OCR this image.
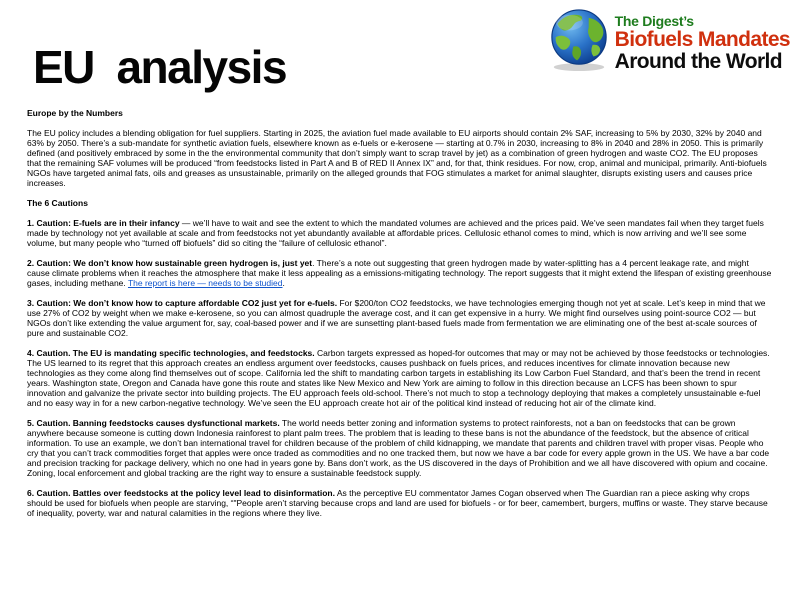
EU  analysis
The Digest’s
Biofuels Mandates
Around the World
Europe by the Numbers

The EU policy includes a blending obligation for fuel suppliers. Starting in 2025, the aviation fuel made available to EU airports should contain 2% SAF, increasing to 5% by 2030, 32% by 2040 and 63% by 2050. There’s a sub-mandate for synthetic aviation fuels, elsewhere known as e-fuels or e-kerosene — starting at 0.7% in 2030, increasing to 8% in 2040 and 28% in 2050. This is primarily defined (and positively embraced by some in the the environmental community that don’t simply want to scrap travel by jet) as a combination of green hydrogen and waste CO2. The EU proposes that the remaining SAF volumes will be produced “from feedstocks listed in Part A and B of RED II Annex IX” and, for that, think residues. For now, crop, animal and municipal, primarily. Anti-biofuels NGOs have targeted animal fats, oils and greases as unsustainable, primarily on the alleged grounds that FOG stimulates a market for animal slaughter, disrupts existing users and causes price increases.

The 6 Cautions

1. Caution: E-fuels are in their infancy — we’ll have to wait and see the extent to which the mandated volumes are achieved and the prices paid. We’ve seen mandates fail when they target fuels made by technology not yet available at scale and from feedstocks not yet abundantly available at affordable prices. Cellulosic ethanol comes to mind, which is now arriving and we’ll see some volume, but many people who “turned off biofuels” did so citing the “failure of cellulosic ethanol”.

2. Caution: We don’t know how sustainable green hydrogen is, just yet. There’s a note out suggesting that green hydrogen made by water-splitting has a 4 percent leakage rate, and might cause climate problems when it reaches the atmosphere that make it less appealing as a emissions-mitigating technology. The report suggests that it might extend the lifespan of existing greenhouse gases, including methane. The report is here — needs to be studied.

3. Caution: We don’t know how to capture affordable CO2 just yet for e-fuels. For $200/ton CO2 feedstocks, we have technologies emerging though not yet at scale. Let’s keep in mind that we use 27% of CO2 by weight when we make e-kerosene, so you can almost quadruple the average cost, and it can get expensive in a hurry. We might find ourselves using point-source CO2 — but NGOs don’t like extending the value argument for, say, coal-based power and if we are sunsetting plant-based fuels made from fermentation we are eliminating one of the best at-scale sources of pure and sustainable CO2.

4. Caution. The EU is mandating specific technologies, and feedstocks. Carbon targets expressed as hoped-for outcomes that may or may not be achieved by those feedstocks or technologies. The US learned to its regret that this approach creates an endless argument over feedstocks, causes pushback on fuels prices, and reduces incentives for climate innovation because new technologies as they come along find themselves out of scope. California led the shift to mandating carbon targets in establishing its Low Carbon Fuel Standard, and that’s been the trend in recent years. Washington state, Oregon and Canada have gone this route and states like New Mexico and New York are aiming to follow in this direction because an LCFS has been shown to spur innovation and galvanize the private sector into building projects. The EU approach feels old-school. There’s not much to stop a technology deploying that makes a completely unsustainable e-fuel and no easy way in for a new carbon-negative technology. We’ve seen the EU approach create hot air of the political kind instead of reducing hot air of the climate kind.

5. Caution. Banning feedstocks causes dysfunctional markets. The world needs better zoning and information systems to protect rainforests, not a ban on feedstocks that can be grown anywhere because someone is cutting down Indonesia rainforest to plant palm trees. The problem that is leading to these bans is not the abundance of the feedstock, but the absence of critical information. To use an example, we don’t ban international travel for children because of the problem of child kidnapping, we mandate that parents and children travel with proper visas. People who cry that you can’t track commodities forget that apples were once traded as commodities and no one tracked them, but now we have a bar code for every apple grown in the US. We have a bar code and precision tracking for package delivery, which no one had in years gone by. Bans don’t work, as the US discovered in the days of Prohibition and we all have discovered with opium and cocaine. Zoning, local enforcement and global tracking are the right way to ensure a sustainable feedstock supply.

6. Caution. Battles over feedstocks at the policy level lead to disinformation. As the perceptive EU commentator James Cogan observed when The Guardian ran a piece asking why crops should be used for biofuels when people are starving, “"People aren’t starving because crops and land are used for biofuels - or for beer, camembert, burgers, muffins or waste. They starve because of inequality, poverty, war and natural calamities in the regions where they live.
